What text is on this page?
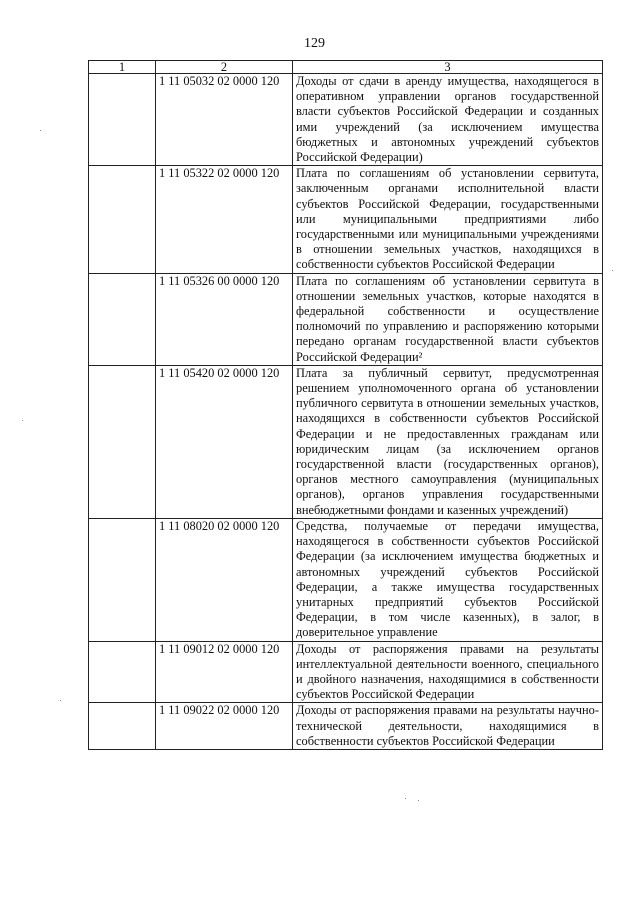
129
1	2	3
	1 11 05032 02 0000 120	Доходы от сдачи в аренду имущества, находящегося в оперативном управлении органов государственной власти субъектов Российской Федерации и созданных ими учреждений (за исключением имущества бюджетных и автономных учреждений субъектов Российской Федерации)
	1 11 05322 02 0000 120	Плата по соглашениям об установлении сервитута, заключенным органами исполнительной власти субъектов Российской Федерации, государственными или муниципальными предприятиями либо государственными или муниципальными учреждениями в отношении земельных участков, находящихся в собственности субъектов Российской Федерации
	1 11 05326 00 0000 120	Плата по соглашениям об установлении сервитута в отношении земельных участков, которые находятся в федеральной собственности и осуществление полномочий по управлению и распоряжению которыми передано органам государственной власти субъектов Российской Федерации²
	1 11 05420 02 0000 120	Плата за публичный сервитут, предусмотренная решением уполномоченного органа об установлении публичного сервитута в отношении земельных участков, находящихся в собственности субъектов Российской Федерации и не предоставленных гражданам или юридическим лицам (за исключением органов государственной власти (государственных органов), органов местного самоуправления (муниципальных органов), органов управления государственными внебюджетными фондами и казенных учреждений)
	1 11 08020 02 0000 120	Средства, получаемые от передачи имущества, находящегося в собственности субъектов Российской Федерации (за исключением имущества бюджетных и автономных учреждений субъектов Российской Федерации, а также имущества государственных унитарных предприятий субъектов Российской Федерации, в том числе казенных), в залог, в доверительное управление
	1 11 09012 02 0000 120	Доходы от распоряжения правами на результаты интеллектуальной деятельности военного, специального и двойного назначения, находящимися в собственности субъектов Российской Федерации
	1 11 09022 02 0000 120	Доходы от распоряжения правами на результаты научно-технической деятельности, находящимися в собственности субъектов Российской Федерации
